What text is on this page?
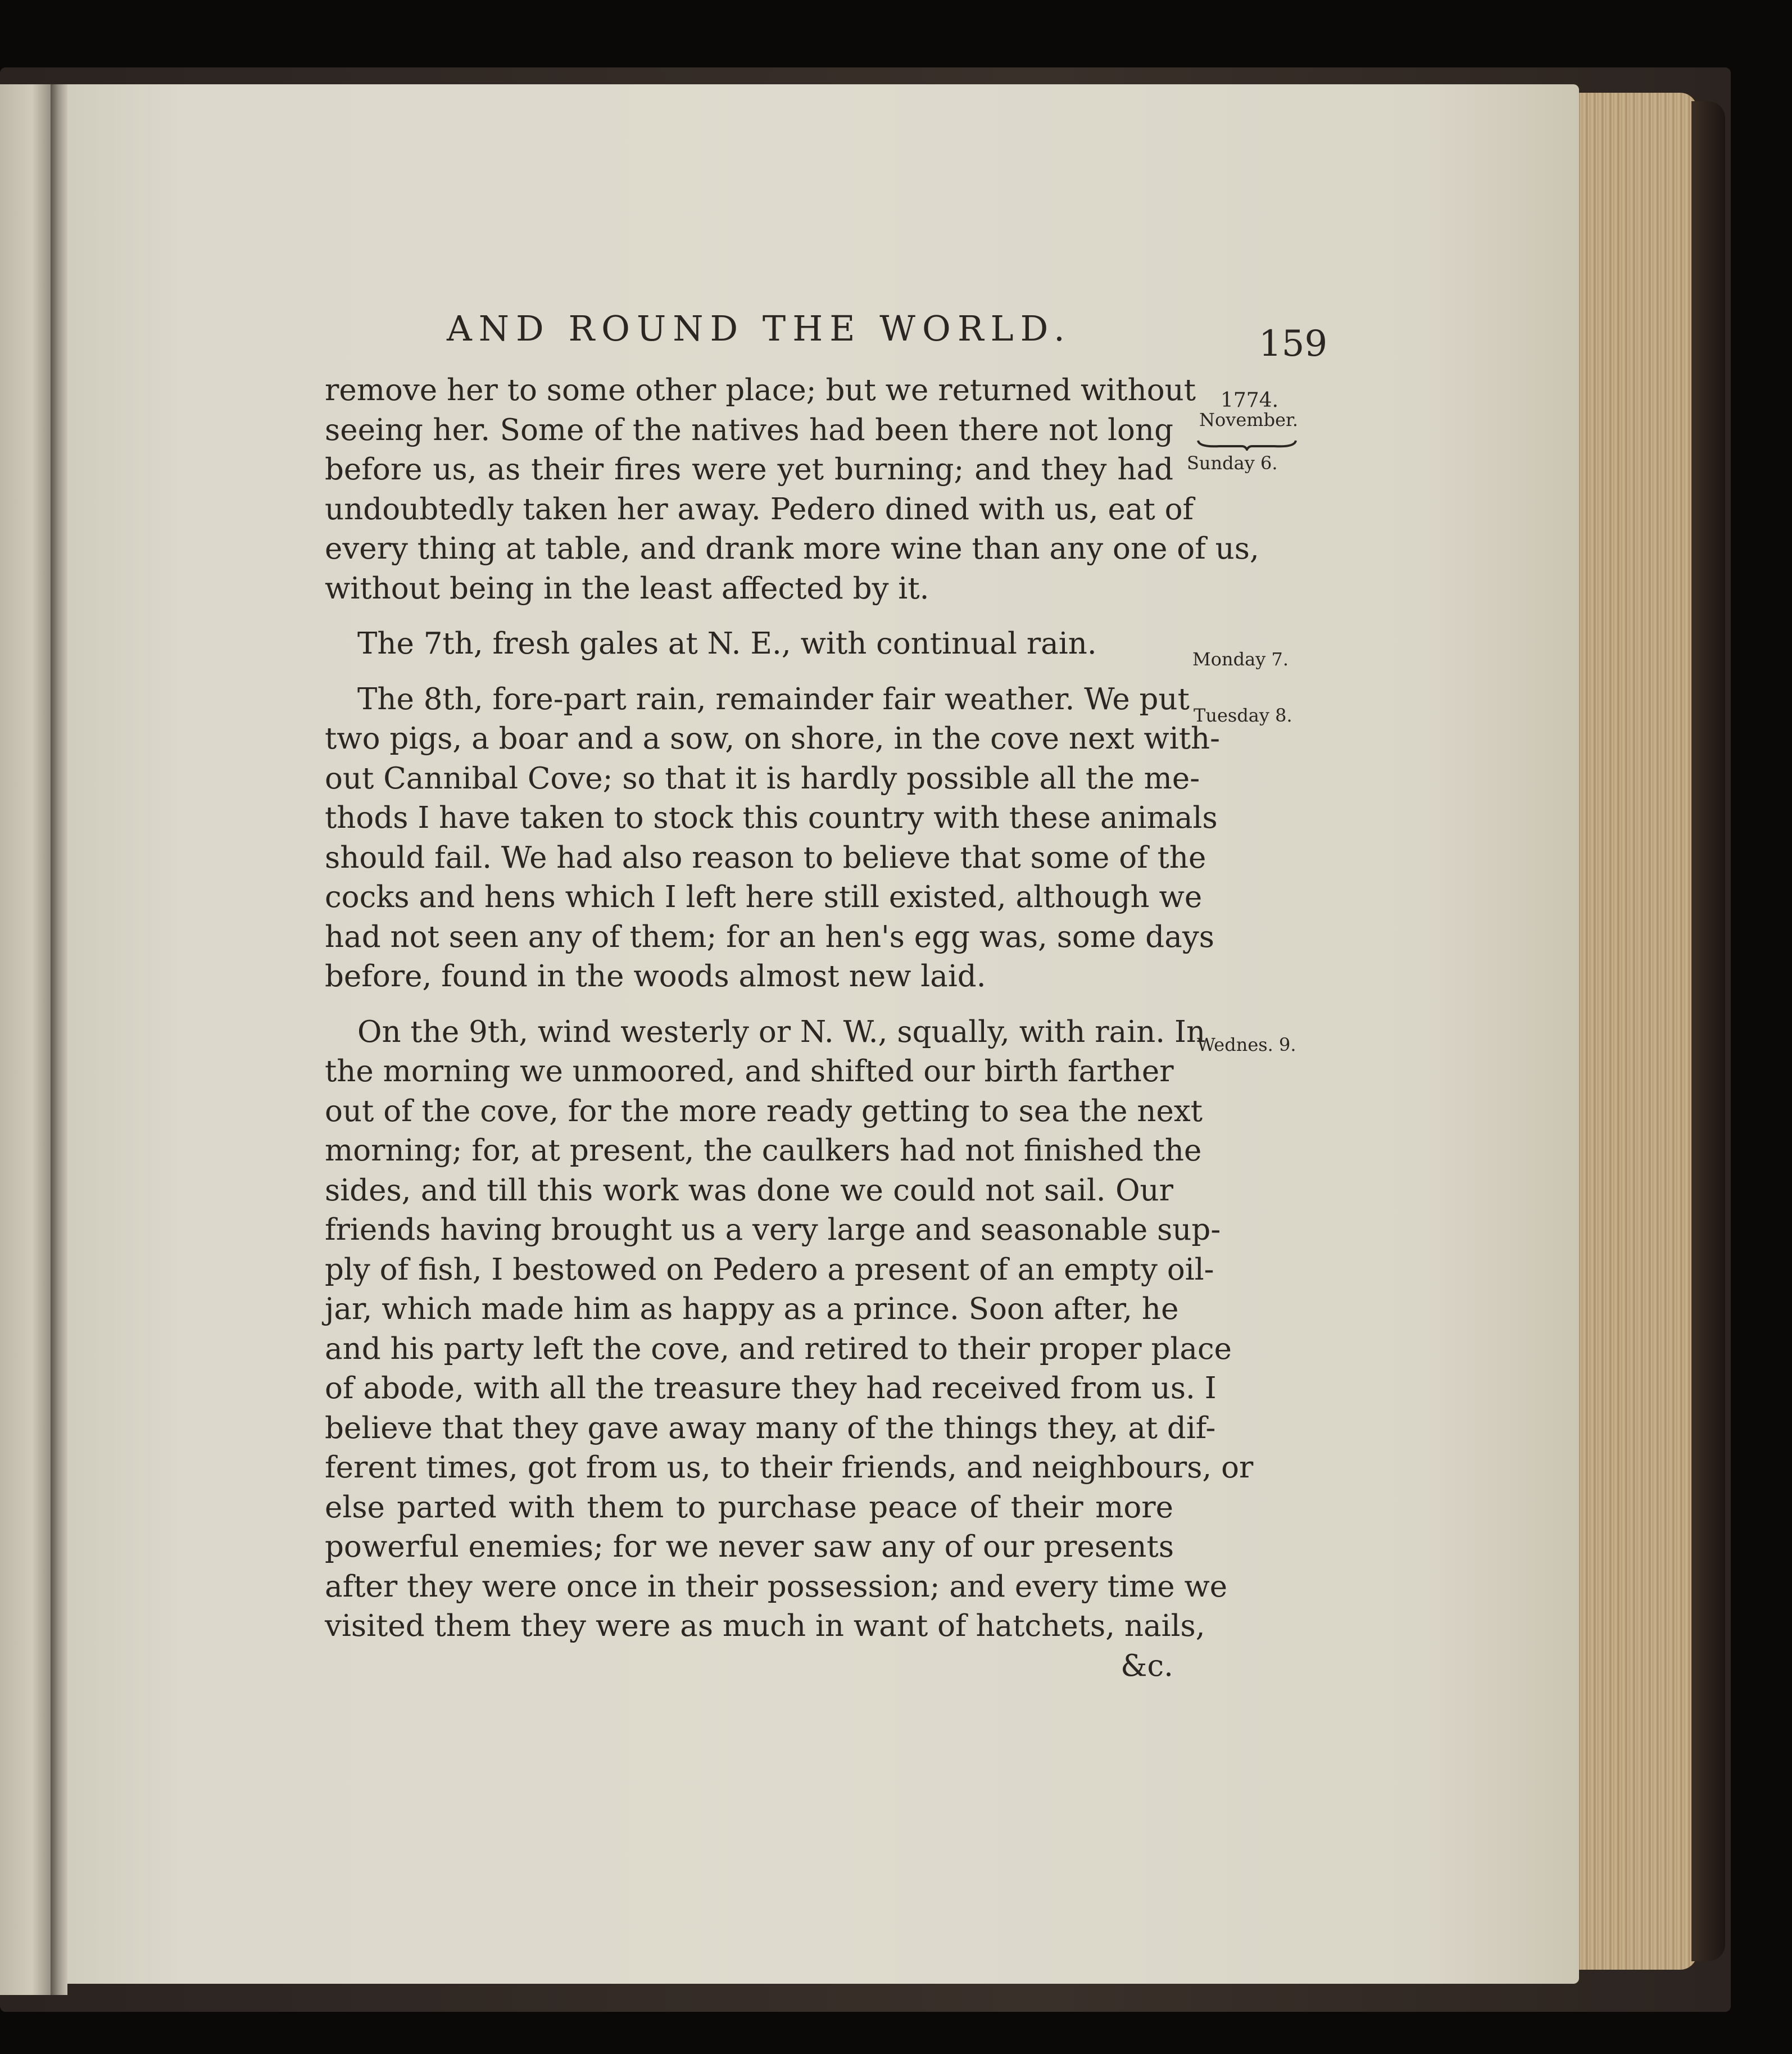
AND ROUND THE WORLD.	159
1774.
November.
Sunday 6.
Monday 7.
Tuesday 8.
Wednes. 9.
remove her to some other place; but we returned without
seeing her. Some of the natives had been there not long
before us, as their fires were yet burning; and they had
undoubtedly taken her away. Pedero dined with us, eat of
every thing at table, and drank more wine than any one of us,
without being in the least affected by it.
The 7th, fresh gales at N. E., with continual rain.
The 8th, fore-part rain, remainder fair weather. We put
two pigs, a boar and a sow, on shore, in the cove next with-
out Cannibal Cove; so that it is hardly possible all the me-
thods I have taken to stock this country with these animals
should fail. We had also reason to believe that some of the
cocks and hens which I left here still existed, although we
had not seen any of them; for an hen's egg was, some days
before, found in the woods almost new laid.
On the 9th, wind westerly or N. W., squally, with rain. In
the morning we unmoored, and shifted our birth farther
out of the cove, for the more ready getting to sea the next
morning; for, at present, the caulkers had not finished the
sides, and till this work was done we could not sail. Our
friends having brought us a very large and seasonable sup-
ply of fish, I bestowed on Pedero a present of an empty oil-
jar, which made him as happy as a prince. Soon after, he
and his party left the cove, and retired to their proper place
of abode, with all the treasure they had received from us. I
believe that they gave away many of the things they, at dif-
ferent times, got from us, to their friends, and neighbours, or
else parted with them to purchase peace of their more
powerful enemies; for we never saw any of our presents
after they were once in their possession; and every time we
visited them they were as much in want of hatchets, nails,
&c.
